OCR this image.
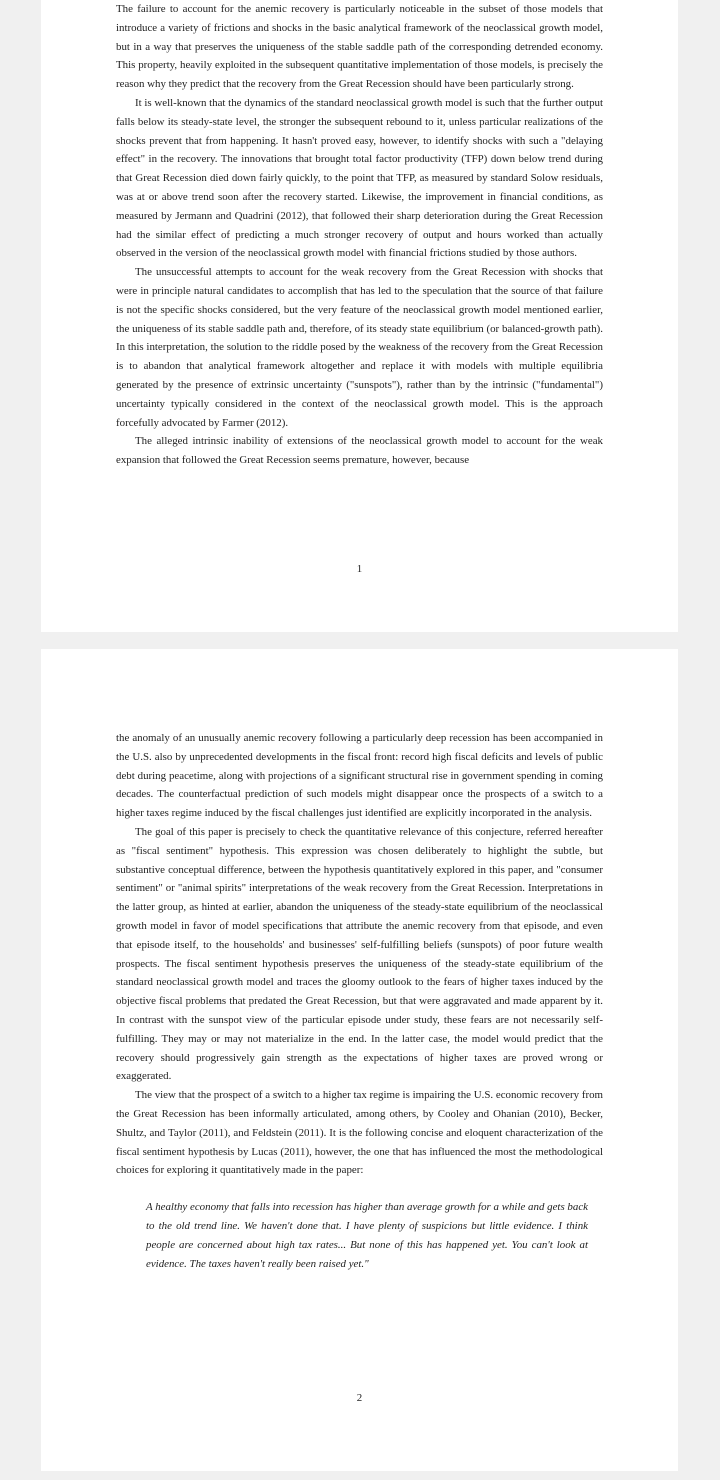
The failure to account for the anemic recovery is particularly noticeable in the subset of those models that introduce a variety of frictions and shocks in the basic analytical framework of the neoclassical growth model, but in a way that preserves the uniqueness of the stable saddle path of the corresponding detrended economy. This property, heavily exploited in the subsequent quantitative implementation of those models, is precisely the reason why they predict that the recovery from the Great Recession should have been particularly strong.

It is well-known that the dynamics of the standard neoclassical growth model is such that the further output falls below its steady-state level, the stronger the subsequent rebound to it, unless particular realizations of the shocks prevent that from happening. It hasn't proved easy, however, to identify shocks with such a "delaying effect" in the recovery. The innovations that brought total factor productivity (TFP) down below trend during that Great Recession died down fairly quickly, to the point that TFP, as measured by standard Solow residuals, was at or above trend soon after the recovery started. Likewise, the improvement in financial conditions, as measured by Jermann and Quadrini (2012), that followed their sharp deterioration during the Great Recession had the similar effect of predicting a much stronger recovery of output and hours worked than actually observed in the version of the neoclassical growth model with financial frictions studied by those authors.

The unsuccessful attempts to account for the weak recovery from the Great Recession with shocks that were in principle natural candidates to accomplish that has led to the speculation that the source of that failure is not the specific shocks considered, but the very feature of the neoclassical growth model mentioned earlier, the uniqueness of its stable saddle path and, therefore, of its steady state equilibrium (or balanced-growth path). In this interpretation, the solution to the riddle posed by the weakness of the recovery from the Great Recession is to abandon that analytical framework altogether and replace it with models with multiple equilibria generated by the presence of extrinsic uncertainty ("sunspots"), rather than by the intrinsic ("fundamental") uncertainty typically considered in the context of the neoclassical growth model. This is the approach forcefully advocated by Farmer (2012).

The alleged intrinsic inability of extensions of the neoclassical growth model to account for the weak expansion that followed the Great Recession seems premature, however, because

1

the anomaly of an unusually anemic recovery following a particularly deep recession has been accompanied in the U.S. also by unprecedented developments in the fiscal front: record high fiscal deficits and levels of public debt during peacetime, along with projections of a significant structural rise in government spending in coming decades. The counterfactual prediction of such models might disappear once the prospects of a switch to a higher taxes regime induced by the fiscal challenges just identified are explicitly incorporated in the analysis.

The goal of this paper is precisely to check the quantitative relevance of this conjecture, referred hereafter as "fiscal sentiment" hypothesis. This expression was chosen deliberately to highlight the subtle, but substantive conceptual difference, between the hypothesis quantitatively explored in this paper, and "consumer sentiment" or "animal spirits" interpretations of the weak recovery from the Great Recession. Interpretations in the latter group, as hinted at earlier, abandon the uniqueness of the steady-state equilibrium of the neoclassical growth model in favor of model specifications that attribute the anemic recovery from that episode, and even that episode itself, to the households' and businesses' self-fulfilling beliefs (sunspots) of poor future wealth prospects. The fiscal sentiment hypothesis preserves the uniqueness of the steady-state equilibrium of the standard neoclassical growth model and traces the gloomy outlook to the fears of higher taxes induced by the objective fiscal problems that predated the Great Recession, but that were aggravated and made apparent by it. In contrast with the sunspot view of the particular episode under study, these fears are not necessarily self-fulfilling. They may or may not materialize in the end. In the latter case, the model would predict that the recovery should progressively gain strength as the expectations of higher taxes are proved wrong or exaggerated.

The view that the prospect of a switch to a higher tax regime is impairing the U.S. economic recovery from the Great Recession has been informally articulated, among others, by Cooley and Ohanian (2010), Becker, Shultz, and Taylor (2011), and Feldstein (2011). It is the following concise and eloquent characterization of the fiscal sentiment hypothesis by Lucas (2011), however, the one that has influenced the most the methodological choices for exploring it quantitatively made in the paper:

A healthy economy that falls into recession has higher than average growth for a while and gets back to the old trend line. We haven't done that. I have plenty of suspicions but little evidence. I think people are concerned about high tax rates... But none of this has happened yet. You can't look at evidence. The taxes haven't really been raised yet."

2
